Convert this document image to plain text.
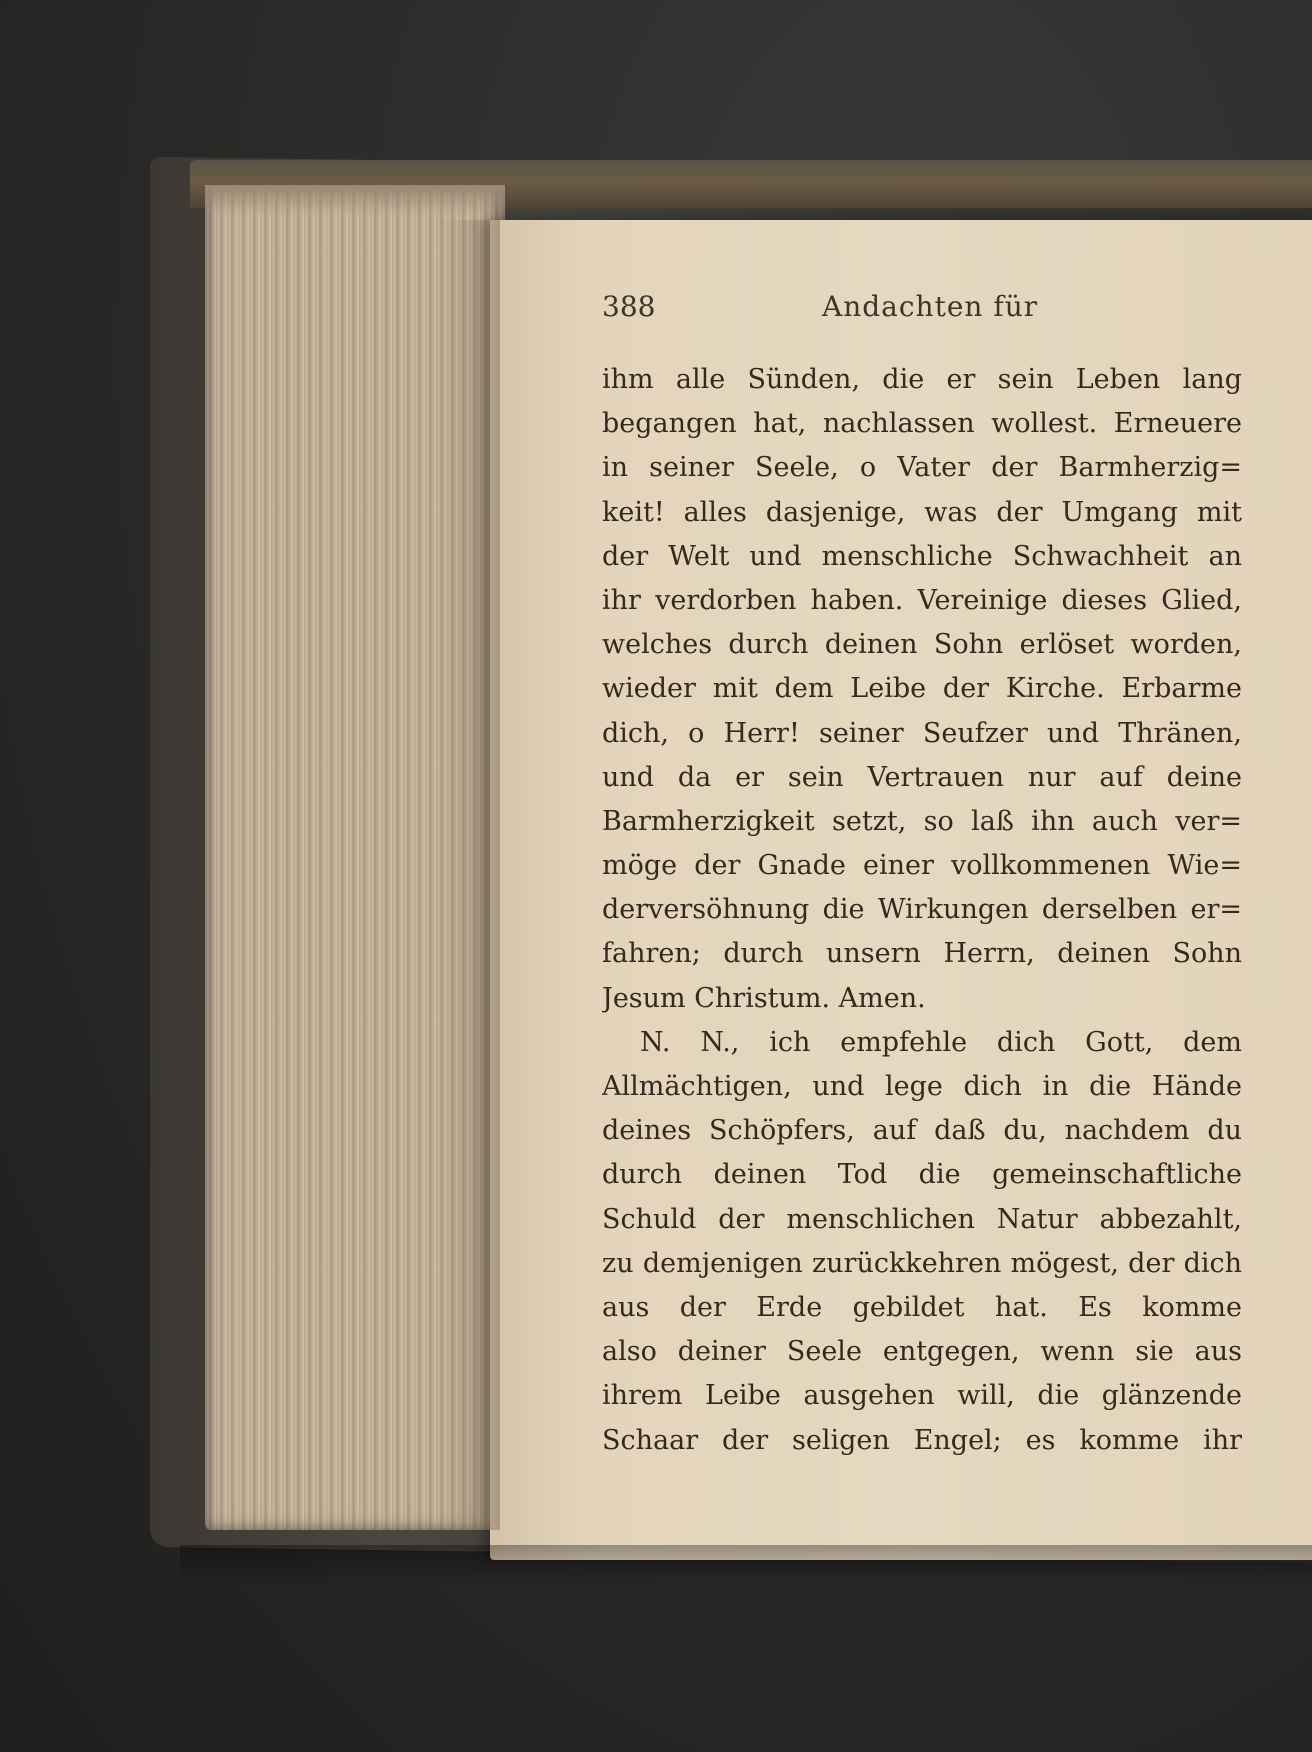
388	Andachten für
ihm alle Sünden, die er sein Leben lang
begangen hat, nachlassen wollest. Erneuere
in seiner Seele, o Vater der Barmherzig=
keit! alles dasjenige, was der Umgang mit
der Welt und menschliche Schwachheit an
ihr verdorben haben. Vereinige dieses Glied,
welches durch deinen Sohn erlöset worden,
wieder mit dem Leibe der Kirche. Erbarme
dich, o Herr! seiner Seufzer und Thränen,
und da er sein Vertrauen nur auf deine
Barmherzigkeit setzt, so laß ihn auch ver=
möge der Gnade einer vollkommenen Wie=
derversöhnung die Wirkungen derselben er=
fahren; durch unsern Herrn, deinen Sohn
Jesum Christum. Amen.
N. N., ich empfehle dich Gott, dem
Allmächtigen, und lege dich in die Hände
deines Schöpfers, auf daß du, nachdem du
durch deinen Tod die gemeinschaftliche
Schuld der menschlichen Natur abbezahlt,
zu demjenigen zurückkehren mögest, der dich
aus der Erde gebildet hat. Es komme
also deiner Seele entgegen, wenn sie aus
ihrem Leibe ausgehen will, die glänzende
Schaar der seligen Engel; es komme ihr
